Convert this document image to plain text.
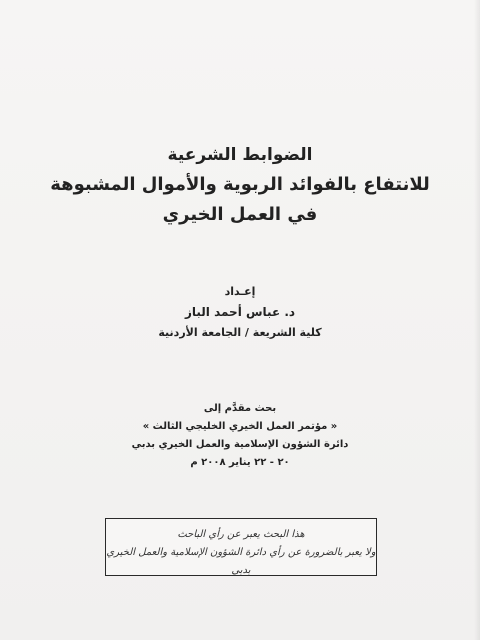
الضوابط الشرعية
للانتفاع بالفوائد الربوية والأموال المشبوهة
في العمل الخيري
إعـداد
د. عباس أحمد الباز
كلية الشريعة / الجامعة الأردنية
بحث مقدَّم إلى
« مؤتمر العمل الخيري الخليجي الثالث »
دائرة الشؤون الإسلامية والعمل الخيري بدبي
٢٠ - ٢٢ يناير ٢٠٠٨ م
هذا البحث يعبر عن رأي الباحث
ولا يعبر بالضرورة عن رأي دائرة الشؤون الإسلامية والعمل الخيري بدبي
